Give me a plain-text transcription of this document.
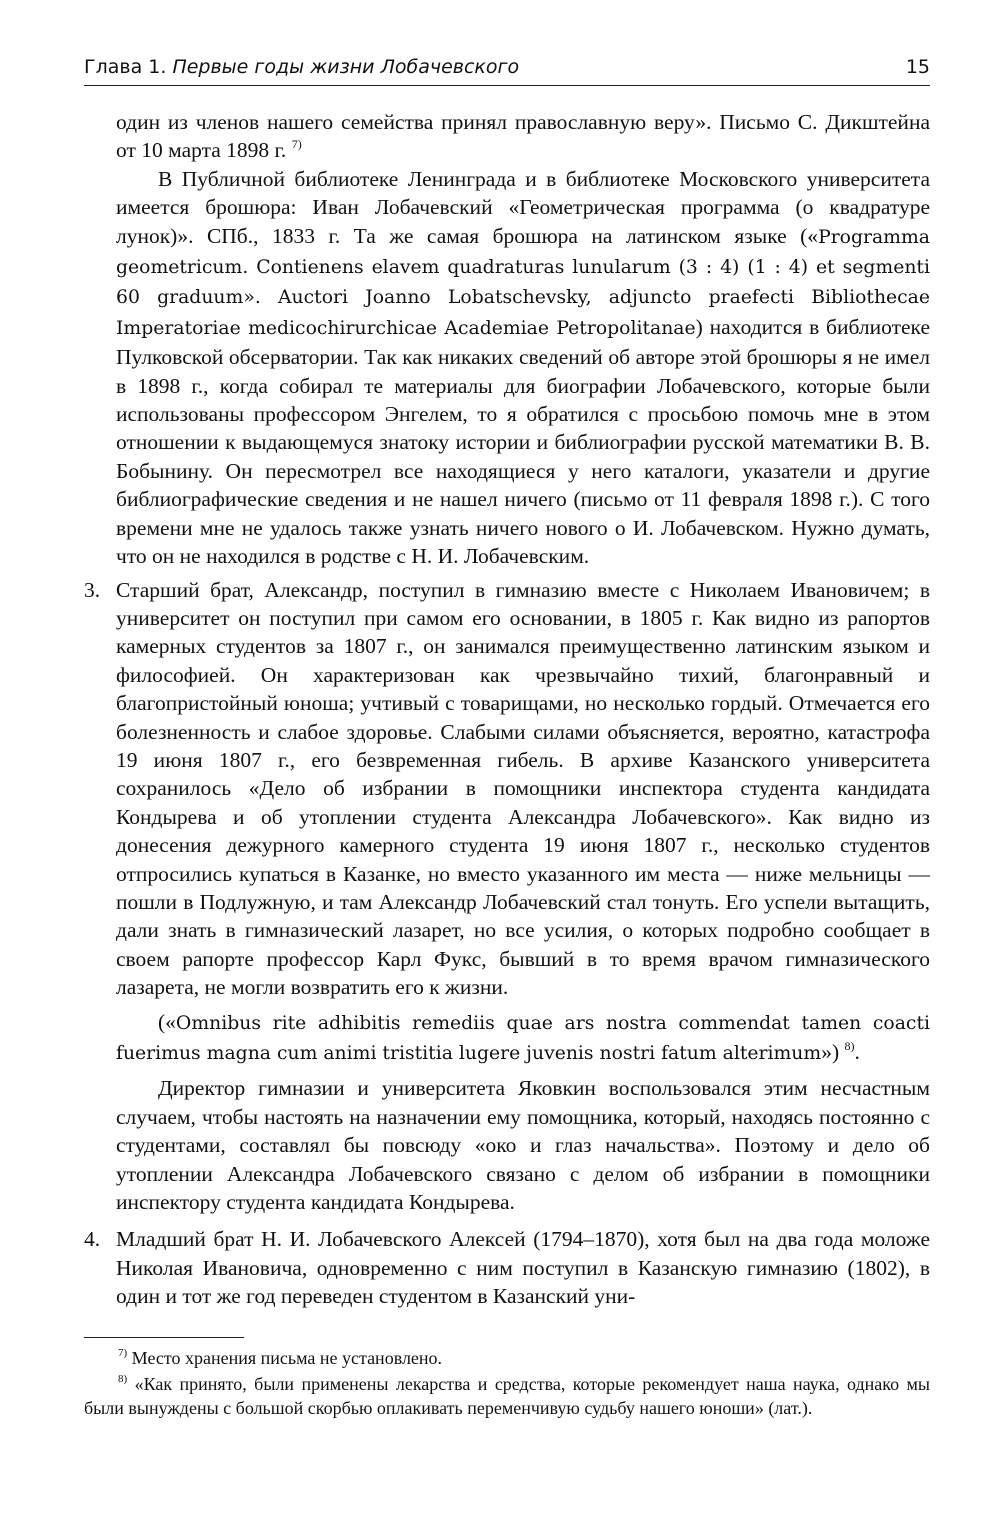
Глава 1. Первые годы жизни Лобачевского	15

один из членов нашего семейства принял православную веру». Письмо С. Дикштейна от 10 марта 1898 г. $^{7)}$

В Публичной библиотеке Ленинграда и в библиотеке Московского университета имеется брошюра: Иван Лобачевский «Геометрическая программа (о квадратуре лунок)». СПб., 1833 г. Та же самая брошюра на латинском языке («Programma geometricum. Contienens elavem quadraturas lunularum (3 : 4) (1 : 4) et segmenti 60 graduum». Auctori Joanno Lobatschevsky, adjuncto praefecti Bibliothecae Imperatoriae medicochirurchicae Academiae Petropolitanae) находится в библиотеке Пулковской обсерватории. Так как никаких сведений об авторе этой брошюры я не имел в 1898 г., когда собирал те материалы для биографии Лобачевского, которые были использованы профессором Энгелем, то я обратился с просьбою помочь мне в этом отношении к выдающемуся знатоку истории и библиографии русской математики В. В. Бобынину. Он пересмотрел все находящиеся у него каталоги, указатели и другие библиографические сведения и не нашел ничего (письмо от 11 февраля 1898 г.). С того времени мне не удалось также узнать ничего нового о И. Лобачевском. Нужно думать, что он не находился в родстве с Н. И. Лобачевским.

3. Старший брат, Александр, поступил в гимназию вместе с Николаем Ивановичем; в университет он поступил при самом его основании, в 1805 г. Как видно из рапортов камерных студентов за 1807 г., он занимался преимущественно латинским языком и философией. Он характеризован как чрезвычайно тихий, благонравный и благопристойный юноша; учтивый с товарищами, но несколько гордый. Отмечается его болезненность и слабое здоровье. Слабыми силами объясняется, вероятно, катастрофа 19 июня 1807 г., его безвременная гибель. В архиве Казанского университета сохранилось «Дело об избрании в помощники инспектора студента кандидата Кондырева и об утоплении студента Александра Лобачевского». Как видно из донесения дежурного камерного студента 19 июня 1807 г., несколько студентов отпросились купаться в Казанке, но вместо указанного им места — ниже мельницы — пошли в Подлужную, и там Александр Лобачевский стал тонуть. Его успели вытащить, дали знать в гимназический лазарет, но все усилия, о которых подробно сообщает в своем рапорте профессор Карл Фукс, бывший в то время врачом гимназического лазарета, не могли возвратить его к жизни.

(«Omnibus rite adhibitis remediis quae ars nostra commendat tamen coacti fuerimus magna cum animi tristitia lugere juvenis nostri fatum alterimum») $^{8)}$.

Директор гимназии и университета Яковкин воспользовался этим несчастным случаем, чтобы настоять на назначении ему помощника, который, находясь постоянно с студентами, составлял бы повсюду «око и глаз начальства». Поэтому и дело об утоплении Александра Лобачевского связано с делом об избрании в помощники инспектору студента кандидата Кондырева.

4. Младший брат Н. И. Лобачевского Алексей (1794–1870), хотя был на два года моложе Николая Ивановича, одновременно с ним поступил в Казанскую гимназию (1802), в один и тот же год переведен студентом в Казанский уни-

$^{7)}$ Место хранения письма не установлено.

$^{8)}$ «Как принято, были применены лекарства и средства, которые рекомендует наша наука, однако мы были вынуждены с большой скорбью оплакивать переменчивую судьбу нашего юноши» (лат.).
